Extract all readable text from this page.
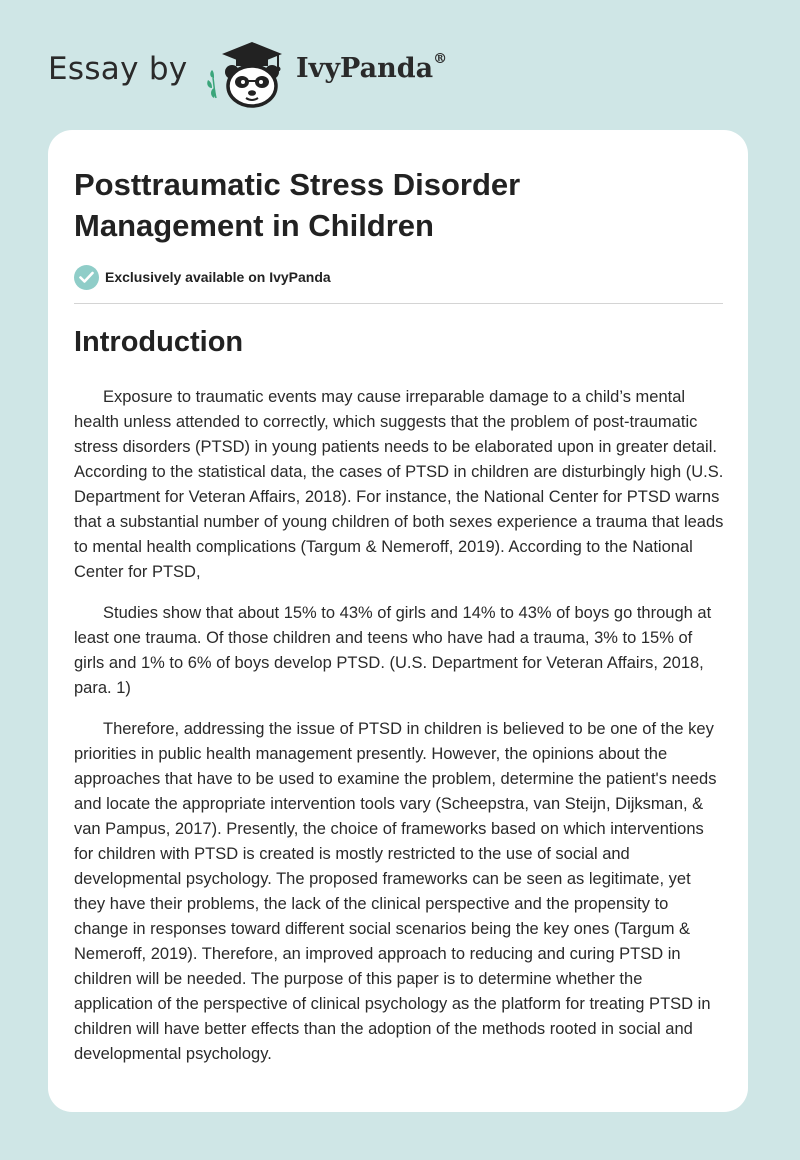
Essay by	IvyPanda®
Posttraumatic Stress Disorder Management in Children
Exclusively available on IvyPanda
Introduction

Exposure to traumatic events may cause irreparable damage to a child’s mental health unless attended to correctly, which suggests that the problem of post-traumatic stress disorders (PTSD) in young patients needs to be elaborated upon in greater detail. According to the statistical data, the cases of PTSD in children are disturbingly high (U.S. Department for Veteran Affairs, 2018). For instance, the National Center for PTSD warns that a substantial number of young children of both sexes experience a trauma that leads to mental health complications (Targum & Nemeroff, 2019). According to the National Center for PTSD,

Studies show that about 15% to 43% of girls and 14% to 43% of boys go through at least one trauma. Of those children and teens who have had a trauma, 3% to 15% of girls and 1% to 6% of boys develop PTSD. (U.S. Department for Veteran Affairs, 2018, para. 1)

Therefore, addressing the issue of PTSD in children is believed to be one of the key priorities in public health management presently. However, the opinions about the approaches that have to be used to examine the problem, determine the patient's needs and locate the appropriate intervention tools vary (Scheepstra, van Steijn, Dijksman, & van Pampus, 2017). Presently, the choice of frameworks based on which interventions for children with PTSD is created is mostly restricted to the use of social and developmental psychology. The proposed frameworks can be seen as legitimate, yet they have their problems, the lack of the clinical perspective and the propensity to change in responses toward different social scenarios being the key ones (Targum & Nemeroff, 2019). Therefore, an improved approach to reducing and curing PTSD in children will be needed. The purpose of this paper is to determine whether the application of the perspective of clinical psychology as the platform for treating PTSD in children will have better effects than the adoption of the methods rooted in social and developmental psychology.
